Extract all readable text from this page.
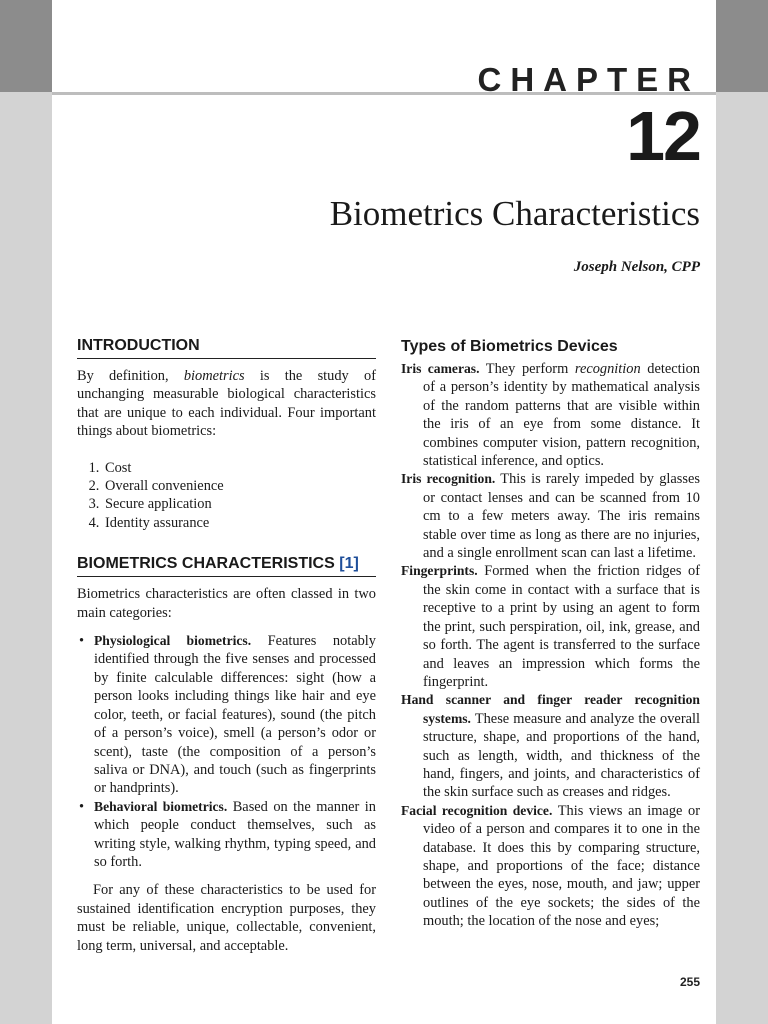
CHAPTER
12
Biometrics Characteristics
Joseph Nelson, CPP
INTRODUCTION

By definition, biometrics is the study of unchanging measurable biological characteristics that are unique to each individual. Four important things about biometrics:

1. Cost
2. Overall convenience
3. Secure application
4. Identity assurance
BIOMETRICS CHARACTERISTICS [1]

Biometrics characteristics are often classed in two main categories:

• Physiological biometrics. Features notably identified through the five senses and processed by finite calculable differences: sight (how a person looks including things like hair and eye color, teeth, or facial features), sound (the pitch of a person’s voice), smell (a person’s odor or scent), taste (the composition of a person’s saliva or DNA), and touch (such as fingerprints or handprints).
• Behavioral biometrics. Based on the manner in which people conduct themselves, such as writing style, walking rhythm, typing speed, and so forth.

For any of these characteristics to be used for sustained identification encryption purposes, they must be reliable, unique, collectable, convenient, long term, universal, and acceptable.

Types of Biometrics Devices

Iris cameras. They perform recognition detection of a person’s identity by mathematical analysis of the random patterns that are visible within the iris of an eye from some distance. It combines computer vision, pattern recognition, statistical inference, and optics.

Iris recognition. This is rarely impeded by glasses or contact lenses and can be scanned from 10 cm to a few meters away. The iris remains stable over time as long as there are no injuries, and a single enrollment scan can last a lifetime.

Fingerprints. Formed when the friction ridges of the skin come in contact with a surface that is receptive to a print by using an agent to form the print, such perspiration, oil, ink, grease, and so forth. The agent is transferred to the surface and leaves an impression which forms the fingerprint.

Hand scanner and finger reader recognition systems. These measure and analyze the overall structure, shape, and proportions of the hand, such as length, width, and thickness of the hand, fingers, and joints, and characteristics of the skin surface such as creases and ridges.

Facial recognition device. This views an image or video of a person and compares it to one in the database. It does this by comparing structure, shape, and proportions of the face; distance between the eyes, nose, mouth, and jaw; upper outlines of the eye sockets; the sides of the mouth; the location of the nose and eyes;

255
